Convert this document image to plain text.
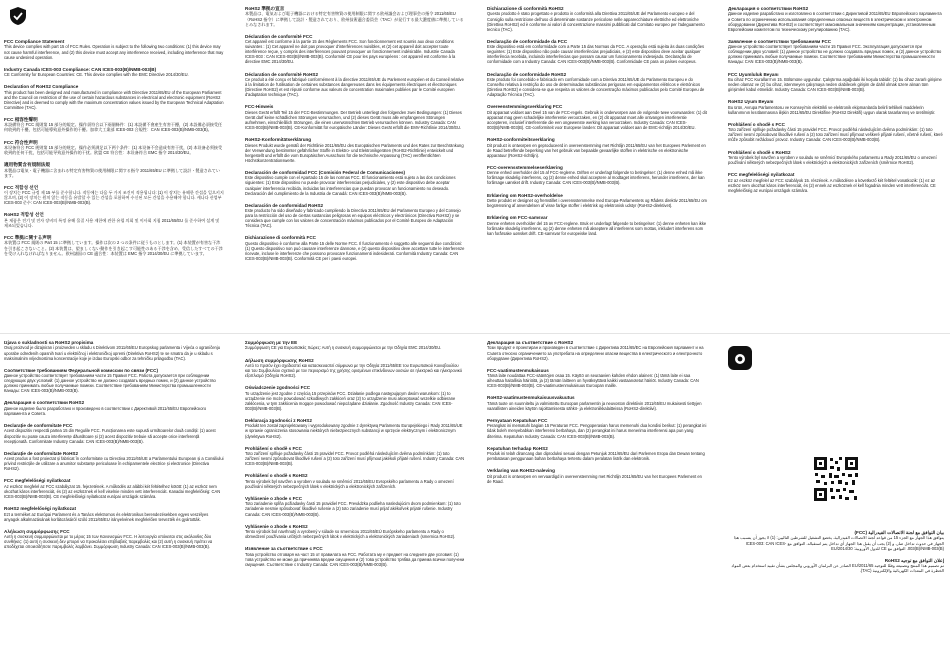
FCC Compliance Statement

This device complies with part 15 of FCC Rules. Operation is subject to the following two conditions: (1) this device may not cause harmful interference, and (2) this device must accept any interference received, including interference that may cause undesired operation.

Industry Canada ICES-003 Compliance: CAN ICES-003(B)/NMB-003(B)

CE Conformity for European Countries: CE. This device complies with the EMC Directive 2014/30/EU.

Declaration of RoHS2 Compliance

This product has been designed and manufactured in compliance with Directive 2011/65/EU of the European Parliament and the Council on restriction of the use of certain hazardous substances in electrical and electronic equipment (RoHS2 Directive) and is deemed to comply with the maximum concentration values issued by the European Technical Adaptation Committee (TAC).

FCC 相容性聲明

本設備符合 FCC 規則第 15 部分的規定。操作須符合以下兩個條件：(1) 本設備不會產生有害干擾，(2) 本設備必須接受任何收到的干擾，包括可能導致意外操作的干擾。加拿大工業部 ICES-003 合規性：CAN ICES-003(B)/NMB-003(B)。

FCC 符合性声明

本设备符合 FCC 规则第 15 部分的规定。操作必须满足以下两个条件：(1) 本设备不会造成有害干扰，(2) 本设备必须接受收到的任何干扰，包括可能导致意外操作的干扰。欧盟 CE 符合性：本设备符合 EMC 指令 2014/30/EU。

適用物質含有規制法規

本製品は電気・電子機器に含まれる特定有害物質の使用制限に関する指令 2011/65/EU に準拠して設計・製造されています。

FCC 적합성 선언

이 장치는 FCC 규정 제 15 부를 준수합니다. 작동에는 다음 두 가지 조건이 적용됩니다: (1) 이 장치는 유해한 간섭을 일으키지 않으며, (2) 이 장치는 원치 않는 작동을 유발할 수 있는 간섭을 포함하여 수신된 모든 간섭을 수용해야 합니다. 캐나다 산업부 ICES-003 준수: CAN ICES-003(B)/NMB-003(B).

RoHS2 적합성 선언

본 제품은 전기 및 전자 장비의 특정 유해 물질 사용 제한에 관한 유럽 의회 및 이사회 지침 2011/65/EU 를 준수하여 설계 및 제조되었습니다.

FCC 準拠に関する声明

本装置は FCC 規則の Part 15 に準拠しています。操作は次の 2 つの条件に従うものとします。(1) 本装置が有害な干渉を引き起こさないこと。(2) 本装置は、望ましくない動作を引き起こす可能性のある干渉を含め、受信したすべての干渉を受け入れなければなりません。欧州諸国の CE 適合性：本装置は EMC 指令 2014/30/EU に準拠しています。

RoHS2 準拠の宣言

本製品は、電気および電子機器における特定有害物質の使用制限に関する欧州議会および理事会の指令 2011/65/EU（RoHS2 指令）に準拠して設計・製造されており、欧州技術適合委員会（TAC）が発行する最大濃度値に準拠しているとみなされます。

Déclaration de conformité FCC

Cet appareil est conforme à la partie 15 des Règlements FCC. Son fonctionnement est soumis aux deux conditions suivantes : (1) Cet appareil ne doit pas provoquer d'interférences nuisibles, et (2) cet appareil doit accepter toute interférence reçue, y compris des interférences pouvant provoquer un fonctionnement indésirable. Industrie Canada ICES-003 : CAN ICES-003(B)/NMB-003(B). Conformité CE pour les pays européens : cet appareil est conforme à la directive EMC 2014/30/EU.

Déclaration de conformité RoHS2

Ce produit a été conçu et fabriqué conformément à la directive 2011/65/UE du Parlement européen et du Conseil relative à la limitation de l'utilisation de certaines substances dangereuses dans les équipements électriques et électroniques (Directive RoHS2) et est réputé conforme aux valeurs de concentration maximales publiées par le Comité européen d'adaptation technique (TAC).

FCC-Hinweis

Dieses Gerät erfüllt Teil 15 der FCC-Bestimmungen. Der Betrieb unterliegt den folgenden zwei Bedingungen: (1) Dieses Gerät darf keine schädlichen Störungen verursachen, und (2) dieses Gerät muss alle empfangenen Störungen aufnehmen, einschließlich Störungen, die einen unerwünschten Betrieb verursachen können. Industry Canada: CAN ICES-003(B)/NMB-003(B). CE-Konformität für europäische Länder: Dieses Gerät erfüllt die EMV-Richtlinie 2014/30/EU.

RoHS2-Konformitätserklärung

Dieses Produkt wurde gemäß der Richtlinie 2011/65/EU des Europäischen Parlaments und des Rates zur Beschränkung der Verwendung bestimmter gefährlicher Stoffe in Elektro- und Elektronikgeräten (RoHS2-Richtlinie) entwickelt und hergestellt und erfüllt die vom Europäischen Ausschuss für die technische Anpassung (TAC) veröffentlichten Höchstkonzentrationswerte.

Declaración de conformidad FCC (Comisión Federal de Comunicaciones)

Este dispositivo cumple con el Apartado 15 de las normas FCC. El funcionamiento está sujeto a las dos condiciones siguientes: (1) Este dispositivo no puede provocar interferencias perjudiciales, y (2) este dispositivo debe aceptar cualquier interferencia recibida, incluidas las interferencias que puedan provocar un funcionamiento no deseado. Declaración del cumplimiento de la Industria de Canadá: CAN ICES-003(B)/NMB-003(B).

Declaración de conformidad RoHS2

Este producto ha sido diseñado y fabricado cumpliendo la Directiva 2011/65/EU del Parlamento Europeo y del Consejo para la restricción del uso de ciertas sustancias peligrosas en equipos eléctricos y electrónicos (Directiva RoHS2) y se considera que cumple con los valores de concentración máximos publicados por el Comité Europeo de Adaptación Técnica (TAC).

Dichiarazione di conformità FCC

Questo dispositivo è conforme alla Parte 15 delle Norme FCC. Il funzionamento è soggetto alle seguenti due condizioni: (1) Questo dispositivo non può causare interferenze dannose, e (2) questo dispositivo deve accettare tutte le interferenze ricevute, incluse le interferenze che possono provocare funzionamenti indesiderati. Conformità Industry Canada: CAN ICES-003(B)/NMB-003(B). Conformità CE per i paesi europei.

Dichiarazione di conformità RoHS2

Questo prodotto è stato progettato e prodotto in conformità alla Direttiva 2011/65/UE del Parlamento europeo e del Consiglio sulla restrizione dell'uso di determinate sostanze pericolose nelle apparecchiature elettriche ed elettroniche (Direttiva RoHS2) ed è conforme ai valori di concentrazione massimi pubblicati dal Comitato europeo per l'adeguamento tecnico (TAC).

Declaração de conformidade da FCC

Este dispositivo está em conformidade com a Parte 15 das Normas da FCC. A operação está sujeita às duas condições seguintes: (1) Este dispositivo não pode causar interferências prejudiciais, e (2) este dispositivo deve aceitar qualquer interferência recebida, incluindo interferências que possam causar um funcionamento indesejado. Declaração de conformidade com a Industry Canada: CAN ICES-003(B)/NMB-003(B). Conformidade CE para os países europeus.

Declaração de conformidade RoHS2

Este produto foi concebido e fabricado em conformidade com a Diretiva 2011/65/UE do Parlamento Europeu e do Conselho relativa à restrição do uso de determinadas substâncias perigosas em equipamentos elétricos e eletrónicos (Diretiva RoHS2) e considera-se que respeita os valores de concentração máximos publicados pelo Comité Europeu de Adaptação Técnica (TAC).

Overeenstemmingsverklaring FCC

Dit apparaat voldoet aan Deel 15 van de FCC-regels. Gebruik is onderworpen aan de volgende twee voorwaarden: (1) dit apparaat mag geen schadelijke interferentie veroorzaken, en (2) dit apparaat moet alle ontvangen interferentie accepteren, inclusief interferentie die een ongewenste werking kan veroorzaken. Industry Canada: CAN ICES-003(B)/NMB-003(B). CE-conformiteit voor Europese landen: Dit apparaat voldoet aan de EMC-richtlijn 2014/30/EU.

RoHS2-conformiteitsverklaring

Dit product is ontworpen en geproduceerd in overeenstemming met Richtlijn 2011/65/EU van het Europees Parlement en de Raad betreffende beperking van het gebruik van bepaalde gevaarlijke stoffen in elektrische en elektronische apparatuur (RoHS2-richtlijn).

FCC-overensstemmelseserklæring

Denne enhed overholder del 15 af FCC-reglerne. Driften er underlagt følgende to betingelser: (1) denne enhed må ikke forårsage skadelig interferens, og (2) denne enhed skal acceptere al modtaget interferens, herunder interferens, der kan forårsage uønsket drift. Industry Canada: CAN ICES-003(B)/NMB-003(B).

Erklæring om RoHS2-overholdelse

Dette produkt er designet og fremstillet i overensstemmelse med Europa-Parlamentets og Rådets direktiv 2011/65/EU om begrænsning af anvendelsen af visse farlige stoffer i elektrisk og elektronisk udstyr (RoHS2-direktivet).

Erklæring om FCC-samsvar

Denne enheten overholder del 15 av FCC-reglene. Bruk er underlagt følgende to betingelser: (1) denne enheten kan ikke forårsake skadelig interferens, og (2) denne enheten må akseptere all interferens som mottas, inkludert interferens som kan forårsake uønsket drift. CE-samsvar for europeiske land.

Декларация о соответствии RoHS2

Данное изделие разработано и изготовлено в соответствии с Директивой 2011/65/EU Европейского парламента и Совета по ограничению использования определенных опасных веществ в электрическом и электронном оборудовании (Директива RoHS2) и соответствует максимальным значениям концентрации, установленным Европейским комитетом по техническому регулированию (TAC).

Заявление о соответствии требованиям FCC

Данное устройство соответствует требованиям части 15 Правил FCC. Эксплуатация допускается при соблюдении двух условий: (1) данное устройство не должно создавать вредных помех, и (2) данное устройство должно принимать любые получаемые помехи. Соответствие требованиям Министерства промышленности Канады: CAN ICES-003(B)/NMB-003(B).

FCC Uyumluluk Beyanı

Bu cihaz FCC Kuralları'nın 15. Bölümüne uygundur. Çalıştırma aşağıdaki iki koşula tabidir: (1) bu cihaz zararlı girişime neden olamaz ve (2) bu cihaz, istenmeyen çalışmaya neden olabilecek girişim de dahil olmak üzere alınan tüm girişimleri kabul etmelidir. Industry Canada: CAN ICES-003(B)/NMB-003(B).

RoHS2 Uyum Beyanı

Bu ürün, Avrupa Parlamentosu ve Konseyi'nin elektrikli ve elektronik ekipmanlarda belirli tehlikeli maddelerin kullanımının kısıtlanmasına ilişkin 2011/65/EU Direktifine (RoHS2 Direktifi) uygun olarak tasarlanmış ve üretilmiştir.

Prohlášení o shodě s FCC

Toto zařízení splňuje požadavky části 15 pravidel FCC. Provoz podléhá následujícím dvěma podmínkám: (1) toto zařízení nesmí způsobovat škodlivé rušení a (2) toto zařízení musí přijmout veškeré přijaté rušení, včetně rušení, které může způsobit nežádoucí provoz. Industry Canada: CAN ICES-003(B)/NMB-003(B).

Prohlášení o shodě s RoHS2

Tento výrobek byl navržen a vyroben v souladu se směrnicí Evropského parlamentu a Rady 2011/65/EU o omezení používání některých nebezpečných látek v elektrických a elektronických zařízeních (směrnice RoHS2).

FCC megfelelőségi nyilatkozat

Ez az eszköz megfelel az FCC szabályok 15. részének. A működésre a következő két feltétel vonatkozik: (1) ez az eszköz nem okozhat káros interferenciát, és (2) ennek az eszköznek el kell fogadnia minden vett interferenciát. CE megfelelőség az európai országok számára.

Izjava o sukladnosti sa RoHS2 propisima

Ovaj proizvod je dizajniran i proizveden u skladu s Direktivom 2011/65/EU Europskog parlamenta i Vijeća o ograničenju uporabe određenih opasnih tvari u električnoj i elektroničkoj opremi (Direktiva RoHS2) te se smatra da je u skladu s maksimalnim vrijednostima koncentracije koje je izdao Europski odbor za tehničku prilagodbu (TAC).

Соответствие требованиям Федеральной комиссии по связи (FCC)

Данное устройство соответствует требованиям части 15 Правил FCC. Работа допускается при соблюдении следующих двух условий: (1) данное устройство не должно создавать вредных помех, и (2) данное устройство должно принимать любые получаемые помехи. Соответствие требованиям Министерства промышленности Канады: CAN ICES-003(B)/NMB-003(B).

Декларация о соответствии RoHS2

Данное изделие было разработано и произведено в соответствии с Директивой 2011/65/EU Европейского парламента и Совета.

Declarație de conformitate FCC

Acest dispozitiv respectă partea 15 din Regulile FCC. Funcționarea este supusă următoarelor două condiții: (1) acest dispozitiv nu poate cauza interferențe dăunătoare și (2) acest dispozitiv trebuie să accepte orice interferență recepționată. Conformitate Industry Canada: CAN ICES-003(B)/NMB-003(B).

Declarație de conformitate RoHS2

Acest produs a fost proiectat și fabricat în conformitate cu Directiva 2011/65/UE a Parlamentului European și a Consiliului privind restricțiile de utilizare a anumitor substanțe periculoase în echipamentele electrice și electronice (Directiva RoHS2).

FCC megfelelőségi nyilatkozat

Az eszköz megfelel az FCC szabályzat 15. fejezetének. A működés az alábbi két feltételhez kötött: (1) az eszköz nem okozhat káros interferenciát, és (2) az eszköznek el kell viselnie minden vett interferenciát. Kanadai megfelelőség: CAN ICES-003(B)/NMB-003(B). CE megfelelőségi nyilatkozat európai országok számára.

RoHS2 megfelelőségi nyilatkozat

Ezt a terméket az Európai Parlament és a Tanács elektromos és elektronikus berendezésekben egyes veszélyes anyagok alkalmazásának korlátozásáról szóló 2011/65/EU irányelvének megfelelően tervezték és gyártották.

Αλήλωση συμμόρφωσης FCC

Αυτή η συσκευή συμμορφώνεται με το μέρος 15 των Κανονισμών FCC. Η λειτουργία υπόκειται στις ακόλουθες δύο συνθήκες: (1) αυτή η συσκευή δεν μπορεί να προκαλέσει επιβλαβείς παρεμβολές και (2) αυτή η συσκευή πρέπει να αποδέχεται οποιεσδήποτε παρεμβολές λαμβάνει. Συμμόρφωση Industry Canada: CAN ICES-003(B)/NMB-003(B).

Συμμόρφωση με την ΕΕ

Συμμόρφωση CE για Ευρωπαϊκές Χώρες: Αυτή η συσκευή συμμορφώνεται με την Οδηγία EMC 2014/30/EU.

Δήλωση συμμόρφωσης RoHS2

Αυτό το προϊόν έχει σχεδιαστεί και κατασκευαστεί σύμφωνα με την Οδηγία 2011/65/ΕΕ του Ευρωπαϊκού Κοινοβουλίου και του Συμβουλίου σχετικά με τον περιορισμό της χρήσης ορισμένων επικίνδυνων ουσιών σε ηλεκτρικό και ηλεκτρονικό εξοπλισμό (Οδηγία RoHS2).

Oświadczenie zgodności FCC

To urządzenie jest zgodne z częścią 15 przepisów FCC. Działanie podlega następującym dwóm warunkom: (1) to urządzenie nie może powodować szkodliwych zakłóceń oraz (2) to urządzenie musi akceptować wszelkie odbierane zakłócenia, w tym zakłócenia mogące powodować niepożądane działanie. Zgodność Industry Canada: CAN ICES-003(B)/NMB-003(B).

Deklaracja zgodności z RoHS2

Produkt ten został zaprojektowany i wyprodukowany zgodnie z dyrektywą Parlamentu Europejskiego i Rady 2011/65/UE w sprawie ograniczenia stosowania niektórych niebezpiecznych substancji w sprzęcie elektrycznym i elektronicznym (dyrektywa RoHS2).

Prohlášení o shodě s FCC

Toto zařízení splňuje požadavky části 15 pravidel FCC. Provoz podléhá následujícím dvěma podmínkám: (1) toto zařízení nesmí způsobovat škodlivé rušení a (2) toto zařízení musí přijmout jakékoli přijaté rušení. Industry Canada: CAN ICES-003(B)/NMB-003(B).

Prohlášení o shodě s RoHS2

Tento výrobek byl navržen a vyroben v souladu se směrnicí 2011/65/EU Evropského parlamentu a Rady o omezení používání některých nebezpečných látek v elektrických a elektronických zařízeních.

Vyhlásenie o zhode s FCC

Toto zariadenie spĺňa požiadavky časti 15 pravidiel FCC. Prevádzka podlieha nasledujúcim dvom podmienkam: (1) toto zariadenie nesmie spôsobovať škodlivé rušenie a (2) toto zariadenie musí prijať akékoľvek prijaté rušenie. Industry Canada: CAN ICES-003(B)/NMB-003(B).

Vyhlásenie o zhode s RoHS2

Tento výrobok bol navrhnutý a vyrobený v súlade so smernicou 2011/65/EÚ Európskeho parlamentu a Rady o obmedzení používania určitých nebezpečných látok v elektrických a elektronických zariadeniach (smernica RoHS2).

Изявление за съответствие с FCC

Това устройство отговаря на част 15 от правилата на FCC. Работата му е предмет на следните две условия: (1) това устройство не може да причинява вредни смущения и (2) това устройство трябва да приема всички получени смущения. Съответствие с Industry Canada: CAN ICES-003(B)/NMB-003(B).

Декларация за съответствие с RoHS2

Този продукт е проектиран и произведен в съответствие с Директива 2011/65/ЕС на Европейския парламент и на Съвета относно ограничението за употребата на определени опасни вещества в електрическото и електронното оборудване (Директива RoHS2).

FCC-vaatimustenmukaisuus

Tämä laite noudattaa FCC-sääntöjen osaa 15. Käyttö on seuraavien kahden ehdon alainen: (1) tämä laite ei saa aiheuttaa haitallisia häiriöitä, ja (2) tämän laitteen on hyväksyttävä kaikki vastaanotetut häiriöt. Industry Canada: CAN ICES-003(B)/NMB-003(B). CE-vaatimustenmukaisuus Euroopan maille.

RoHS2-vaatimustenmukaisuusvakuutus

Tämä tuote on suunniteltu ja valmistettu Euroopan parlamentin ja neuvoston direktiivin 2011/65/EU mukaisesti tiettyjen vaarallisten aineiden käytön rajoittamisesta sähkö- ja elektroniikkalaitteissa (RoHS2-direktiivi).

Pernyataan Kepatuhan FCC

Perangkat ini mematuhi bagian 15 Peraturan FCC. Pengoperasian harus memenuhi dua kondisi berikut: (1) perangkat ini tidak boleh menyebabkan interferensi berbahaya, dan (2) perangkat ini harus menerima interferensi apa pun yang diterima. Kepatuhan Industry Canada: CAN ICES-003(B)/NMB-003(B).

Kepatuhan terhadap RoHS2

Produk ini telah dirancang dan diproduksi sesuai dengan Petunjuk 2011/65/EU dari Parlemen Eropa dan Dewan tentang pembatasan penggunaan bahan berbahaya tertentu dalam peralatan listrik dan elektronik.

Verklaring van RoHS2-naleving

Dit product is ontworpen en vervaardigd in overeenstemming met Richtlijn 2011/65/EU van het Europees Parlement en de Raad.

بيان التوافق مع لجنة الاتصالات الفيدرالية (FCC)

يتوافق هذا الجهاز مع الجزء 15 من قواعد لجنة الاتصالات الفيدرالية. يخضع التشغيل للشرطين التاليين: (1) لا يجوز أن يتسبب هذا الجهاز في حدوث تداخل ضار، و (2) يجب أن يقبل هذا الجهاز أي تداخل يتم استقباله. التوافق مع ICES-003: CAN ICES-003(B)/NMB-003(B). التوافق مع CE للدول الأوروبية: 2014/30/EU

إعلان التوافق مع توجيه RoHS2

تم تصميم هذا المنتج وتصنيعه وفقًا للتوجيه 2011/65/EU الصادر عن البرلمان الأوروبي والمجلس بشأن تقييد استخدام بعض المواد الخطرة في المعدات الكهربائية والإلكترونية (TAC).
